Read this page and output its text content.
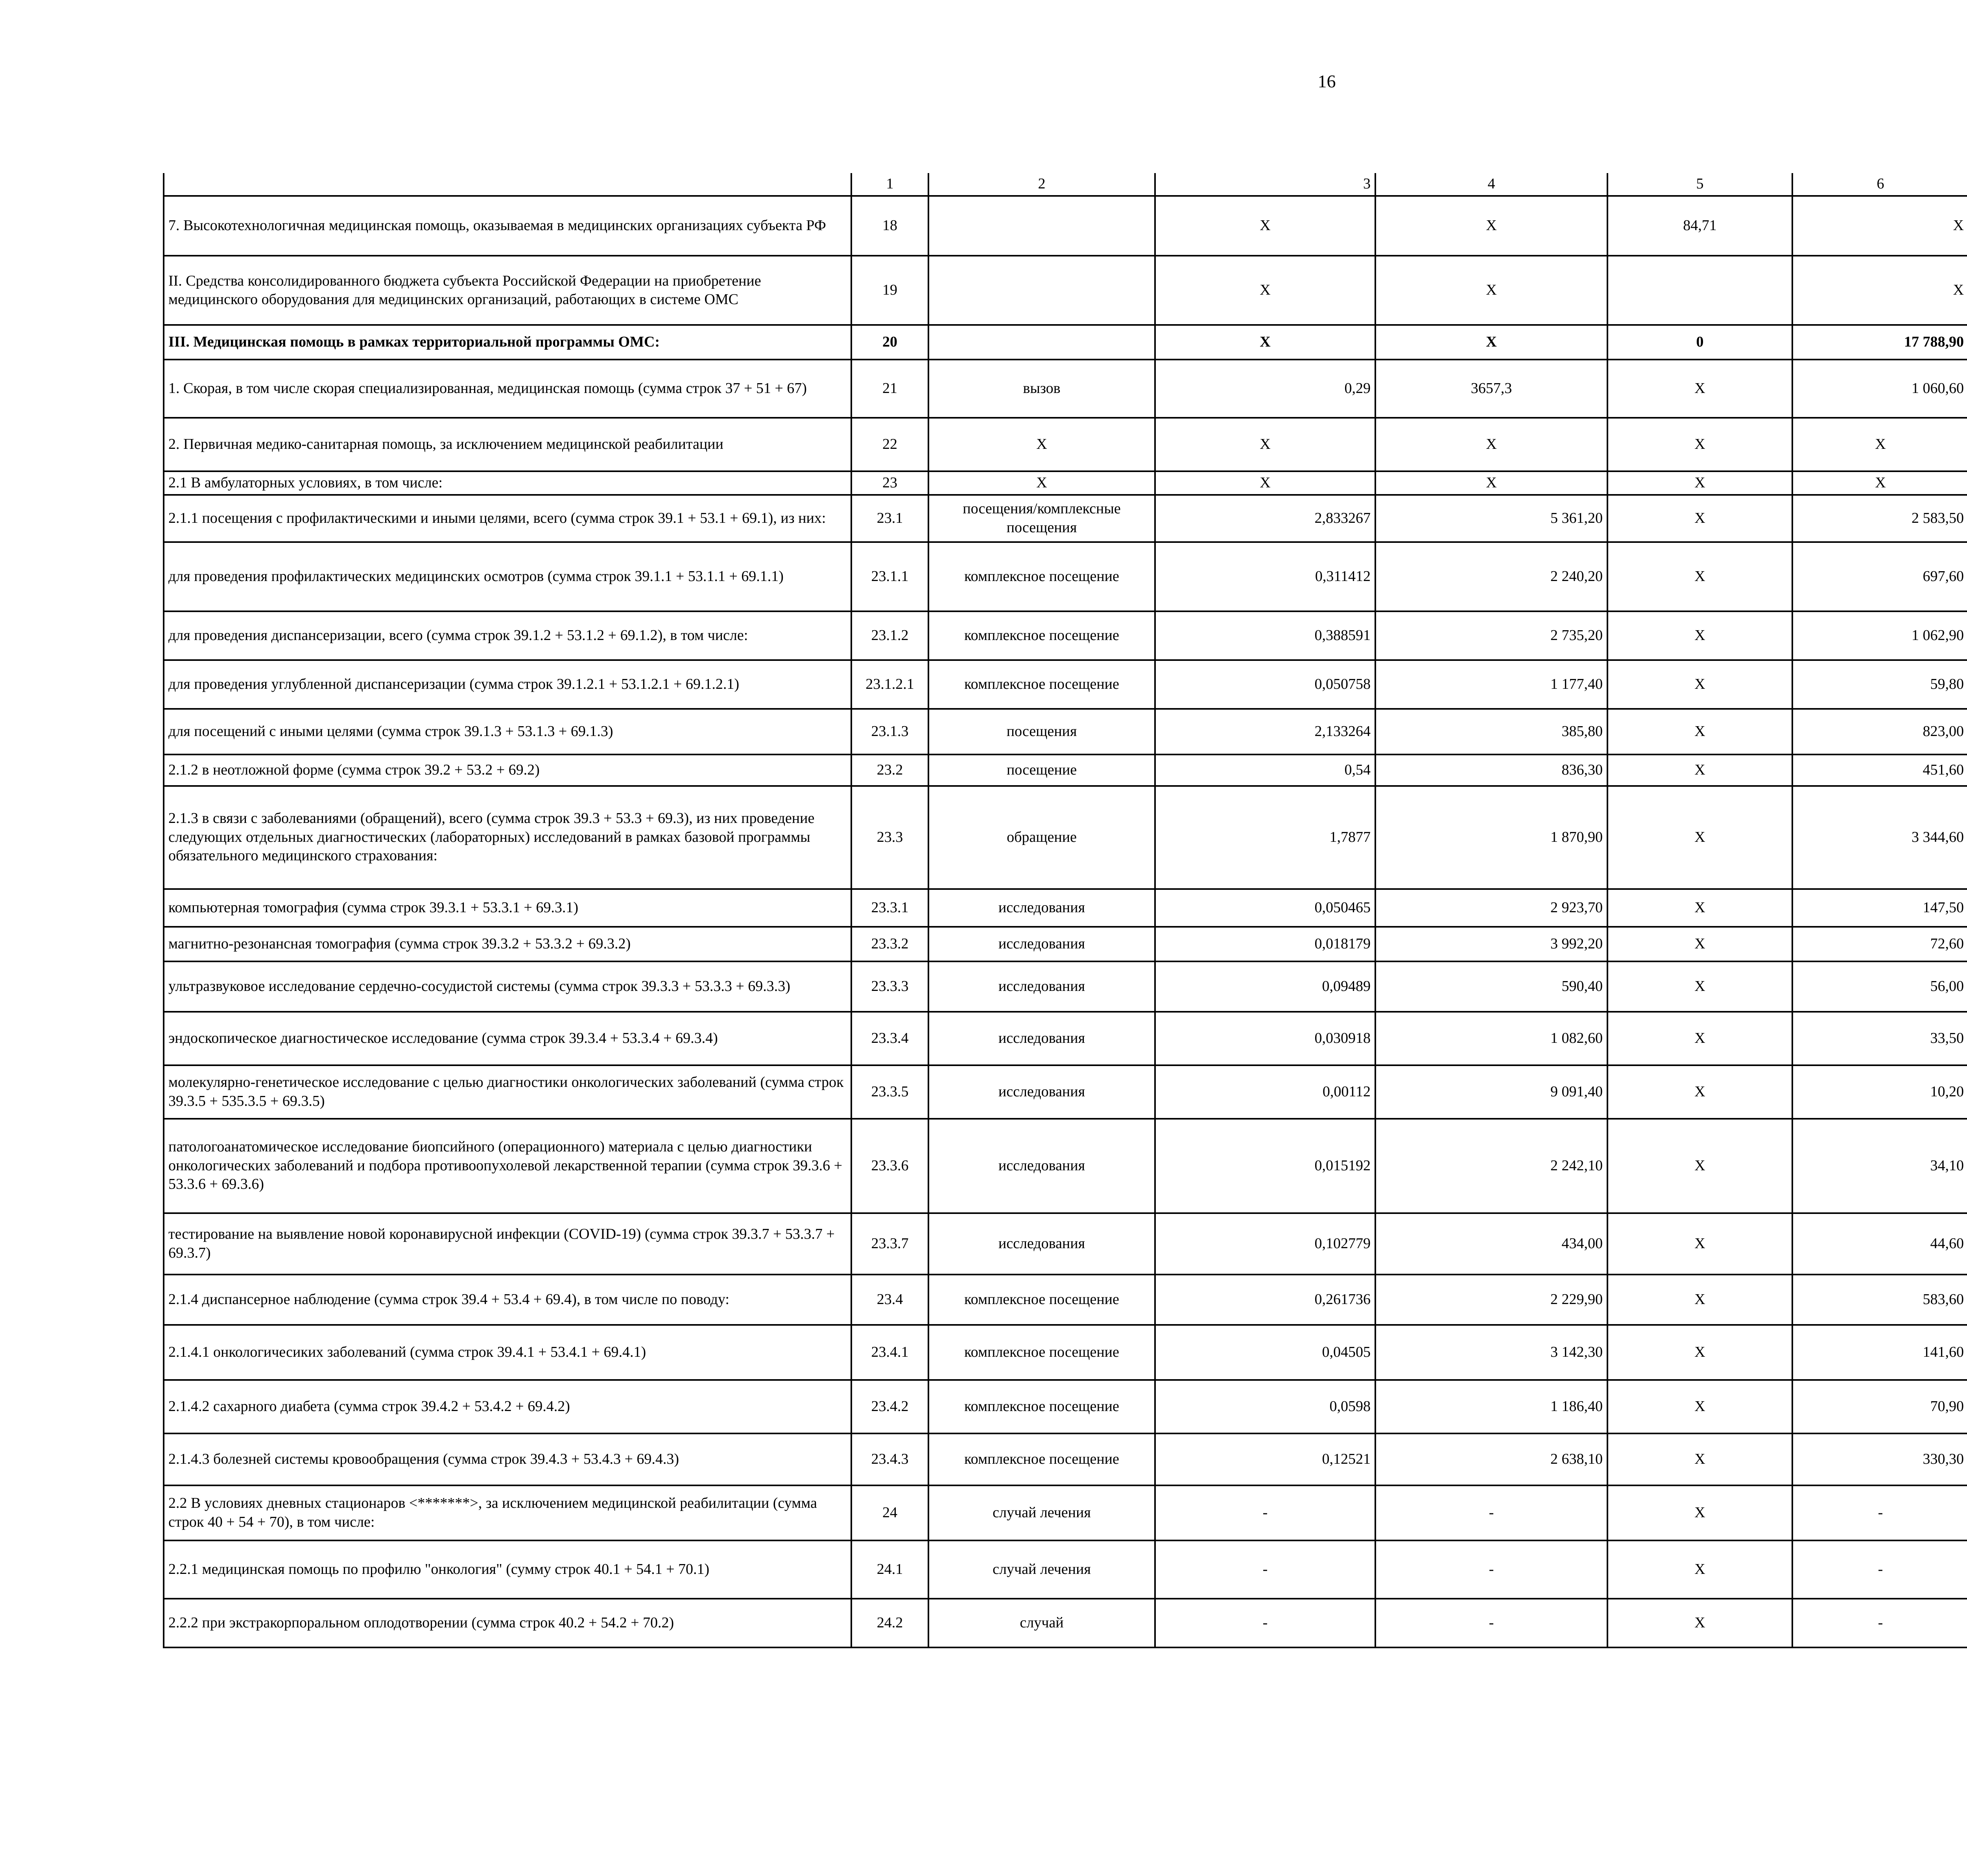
16
	1	2	3	4	5	6			
7. Высокотехнологичная медицинская помощь, оказываемая в медицинских организациях субъекта РФ	18		X	X	84,71	X			
II. Средства консолидированного бюджета субъекта Российской Федерации на приобретение медицинского оборудования для медицинских организаций, работающих в системе ОМС	19		X	X		X			
III. Медицинская помощь в рамках территориальной программы ОМС:	20		X	X	0	17 788,90			
1. Скорая, в том числе скорая специализированная, медицинская помощь (сумма строк 37 + 51 + 67)	21	вызов	0,29	3657,3	X	1 060,60			
2. Первичная медико-санитарная помощь, за исключением медицинской реабилитации	22	X	X	X	X	X			
2.1 В амбулаторных условиях, в том числе:	23	X	X	X	X	X			
2.1.1 посещения с профилактическими и иными целями, всего (сумма строк 39.1 + 53.1 + 69.1), из них:	23.1	посещения/комплексные посещения	2,833267	5 361,20	X	2 583,50			
для проведения профилактических медицинских осмотров (сумма строк 39.1.1 + 53.1.1 + 69.1.1)	23.1.1	комплексное посещение	0,311412	2 240,20	X	697,60			
для проведения диспансеризации, всего (сумма строк 39.1.2 + 53.1.2 + 69.1.2), в том числе:	23.1.2	комплексное посещение	0,388591	2 735,20	X	1 062,90			
для проведения углубленной диспансеризации (сумма строк 39.1.2.1 + 53.1.2.1 + 69.1.2.1)	23.1.2.1	комплексное посещение	0,050758	1 177,40	X	59,80			
для посещений с иными целями (сумма строк 39.1.3 + 53.1.3 + 69.1.3)	23.1.3	посещения	2,133264	385,80	X	823,00			
2.1.2 в неотложной форме (сумма строк 39.2 + 53.2 + 69.2)	23.2	посещение	0,54	836,30	X	451,60			
2.1.3 в связи с заболеваниями (обращений), всего (сумма строк 39.3 + 53.3 + 69.3), из них проведение следующих отдельных диагностических (лабораторных) исследований в рамках базовой программы обязательного медицинского страхования:	23.3	обращение	1,7877	1 870,90	X	3 344,60			
компьютерная томография (сумма строк 39.3.1 + 53.3.1 + 69.3.1)	23.3.1	исследования	0,050465	2 923,70	X	147,50			
магнитно-резонансная томография (сумма строк 39.3.2 + 53.3.2 + 69.3.2)	23.3.2	исследования	0,018179	3 992,20	X	72,60			
ультразвуковое исследование сердечно-сосудистой системы (сумма строк 39.3.3 + 53.3.3 + 69.3.3)	23.3.3	исследования	0,09489	590,40	X	56,00			
эндоскопическое диагностическое исследование (сумма строк 39.3.4 + 53.3.4 + 69.3.4)	23.3.4	исследования	0,030918	1 082,60	X	33,50			
молекулярно-генетическое исследование с целью диагностики онкологических заболеваний (сумма строк 39.3.5 + 535.3.5 + 69.3.5)	23.3.5	исследования	0,00112	9 091,40	X	10,20			
патологоанатомическое исследование биопсийного (операционного) материала с целью диагностики онкологических заболеваний и подбора противоопухолевой лекарственной терапии (сумма строк 39.3.6 + 53.3.6 + 69.3.6)	23.3.6	исследования	0,015192	2 242,10	X	34,10			
тестирование на выявление новой коронавирусной инфекции (COVID-19) (сумма строк 39.3.7 + 53.3.7 + 69.3.7)	23.3.7	исследования	0,102779	434,00	X	44,60			
2.1.4 диспансерное наблюдение (сумма строк 39.4 + 53.4 + 69.4), в том числе по поводу:	23.4	комплексное посещение	0,261736	2 229,90	X	583,60			
2.1.4.1 онкологичесиких заболеваний (сумма строк 39.4.1 + 53.4.1 + 69.4.1)	23.4.1	комплексное посещение	0,04505	3 142,30	X	141,60			
2.1.4.2 сахарного диабета (сумма строк 39.4.2 + 53.4.2 + 69.4.2)	23.4.2	комплексное посещение	0,0598	1 186,40	X	70,90			
2.1.4.3 болезней системы кровообращения (сумма строк 39.4.3 + 53.4.3 + 69.4.3)	23.4.3	комплексное посещение	0,12521	2 638,10	X	330,30			
2.2 В условиях дневных стационаров <*******>, за исключением медицинской реабилитации (сумма строк 40 + 54 + 70), в том числе:	24	случай лечения	-	-	X	-			
2.2.1 медицинская помощь по профилю "онкология" (сумму строк 40.1 + 54.1 + 70.1)	24.1	случай лечения	-	-	X	-			
2.2.2 при экстракорпоральном оплодотворении (сумма строк 40.2 + 54.2 + 70.2)	24.2	случай	-	-	X	-			
